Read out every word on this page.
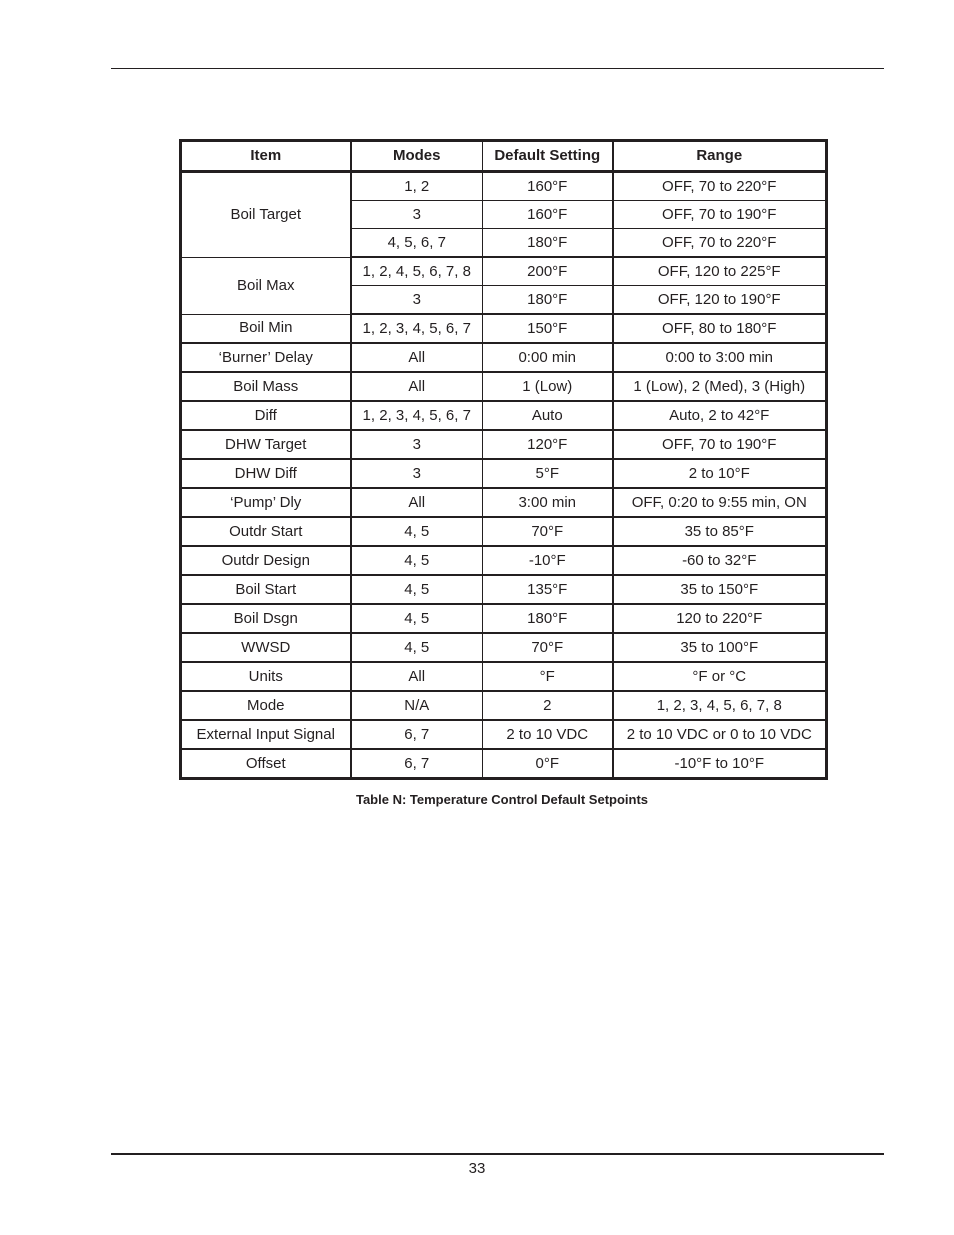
Item	Modes	Default Setting	Range
Boil Target	1, 2	160°F	OFF, 70 to 220°F
	3	160°F	OFF, 70 to 190°F
	4, 5, 6, 7	180°F	OFF, 70 to 220°F
Boil Max	1, 2, 4, 5, 6, 7, 8	200°F	OFF, 120 to 225°F
	3	180°F	OFF, 120 to 190°F
Boil Min	1, 2, 3, 4, 5, 6, 7	150°F	OFF, 80 to 180°F
‘Burner’ Delay	All	0:00 min	0:00 to 3:00 min
Boil Mass	All	1 (Low)	1 (Low), 2 (Med), 3 (High)
Diff	1, 2, 3, 4, 5, 6, 7	Auto	Auto, 2 to 42°F
DHW Target	3	120°F	OFF, 70 to 190°F
DHW Diff	3	5°F	2 to 10°F
‘Pump’ Dly	All	3:00 min	OFF, 0:20 to 9:55 min, ON
Outdr Start	4, 5	70°F	35 to 85°F
Outdr Design	4, 5	-10°F	-60 to 32°F
Boil Start	4, 5	135°F	35 to 150°F
Boil Dsgn	4, 5	180°F	120 to 220°F
WWSD	4, 5	70°F	35 to 100°F
Units	All	°F	°F or °C
Mode	N/A	2	1, 2, 3, 4, 5, 6, 7, 8
External Input Signal	6, 7	2 to 10 VDC	2 to 10 VDC or 0 to 10 VDC
Offset	6, 7	0°F	-10°F to 10°F
Table N: Temperature Control Default Setpoints
33
